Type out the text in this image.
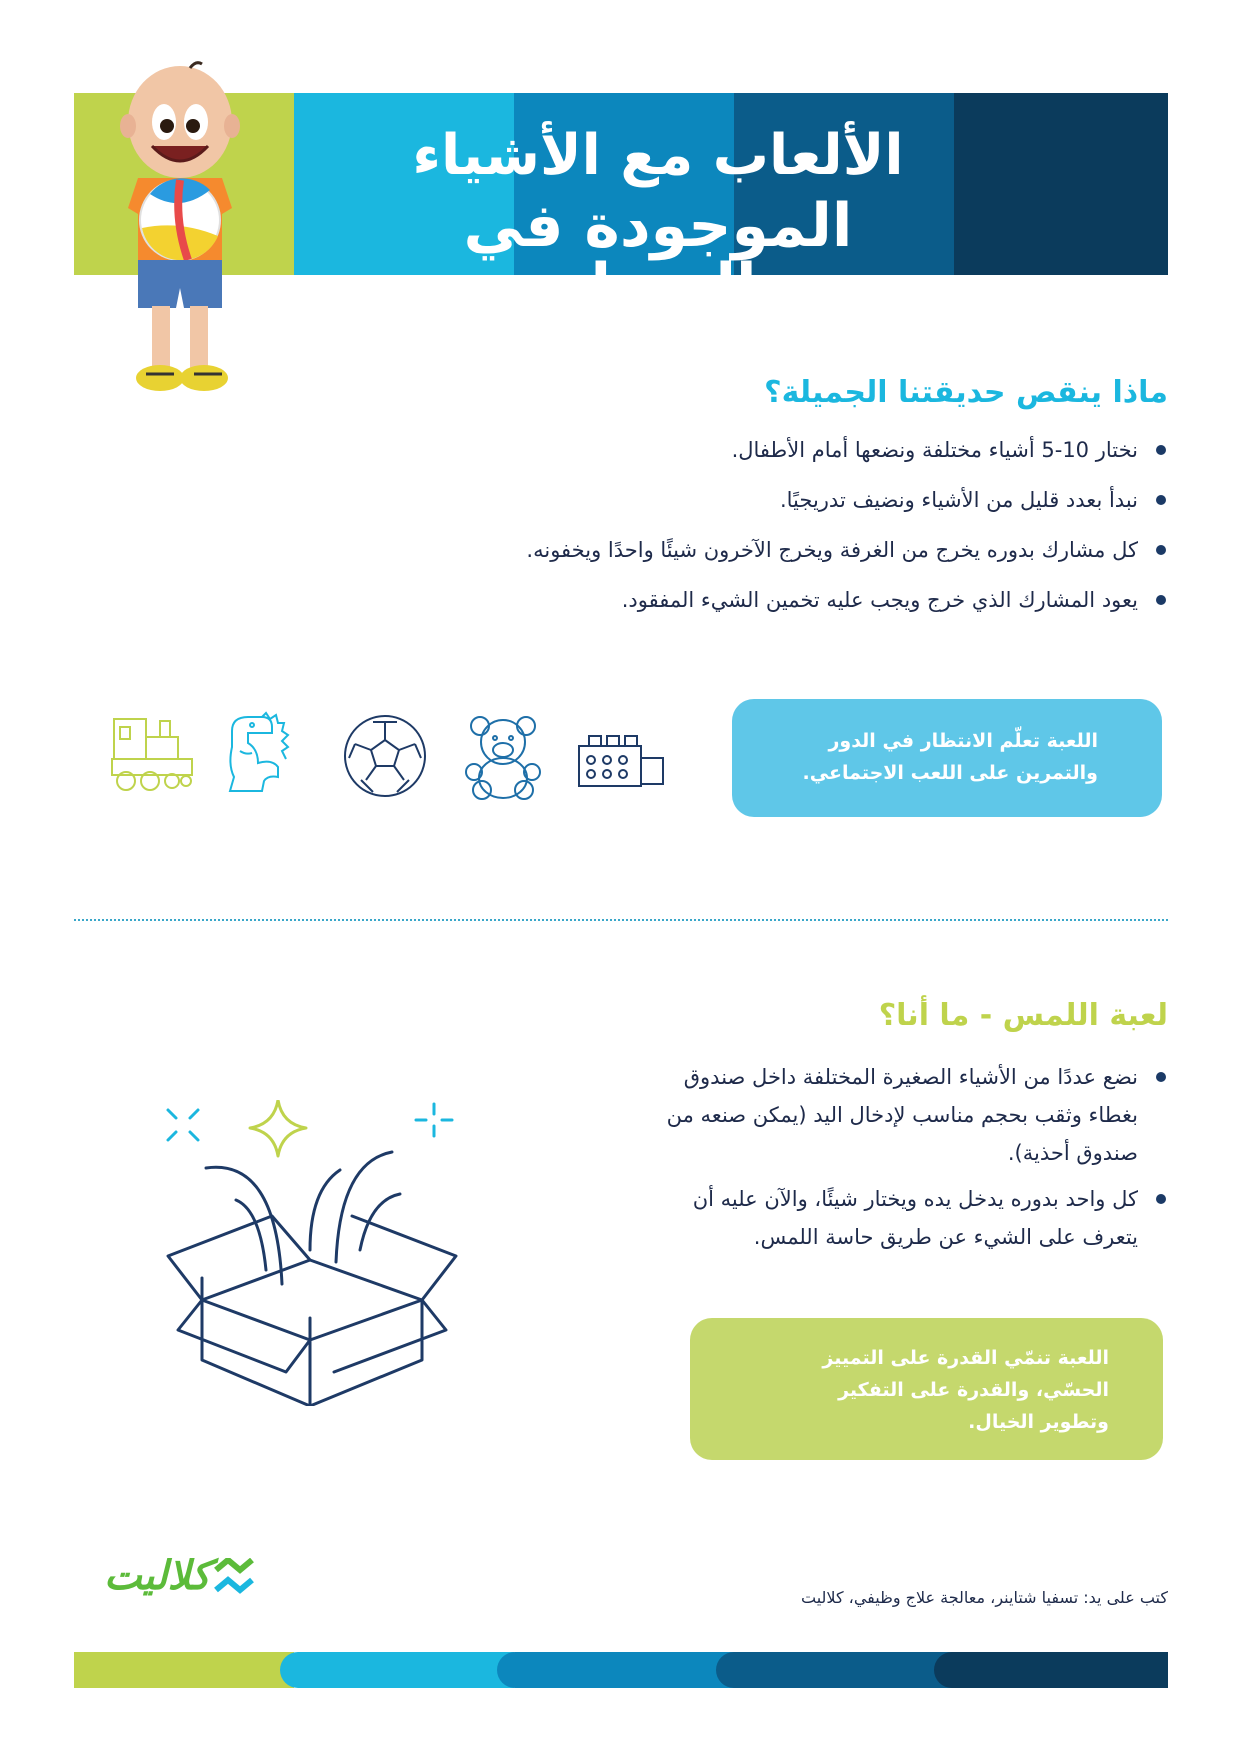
الألعاب مع الأشياء
الموجودة في المنزل
ماذا ينقص حديقتنا الجميلة؟
نختار 10-5 أشياء مختلفة ونضعها أمام الأطفال.
نبدأ بعدد قليل من الأشياء ونضيف تدريجيًا.
كل مشارك بدوره يخرج من الغرفة ويخرج الآخرون شيئًا واحدًا ويخفونه.
يعود المشارك الذي خرج ويجب عليه تخمين الشيء المفقود.
اللعبة تعلّم الانتظار في الدور
والتمرين على اللعب الاجتماعي.
لعبة اللمس - ما أنا؟
نضع عددًا من الأشياء الصغيرة المختلفة داخل صندوق بغطاء وثقب بحجم مناسب لإدخال اليد (يمكن صنعه من صندوق أحذية).
كل واحد بدوره يدخل يده ويختار شيئًا، والآن عليه أن يتعرف على الشيء عن طريق حاسة اللمس.
اللعبة تنمّي القدرة على التمييز
الحسّي، والقدرة على التفكير
وتطوير الخيال.
كلاليت	كتب على يد: تسفيا شتاينر، معالجة علاج وظيفي، كلاليت
